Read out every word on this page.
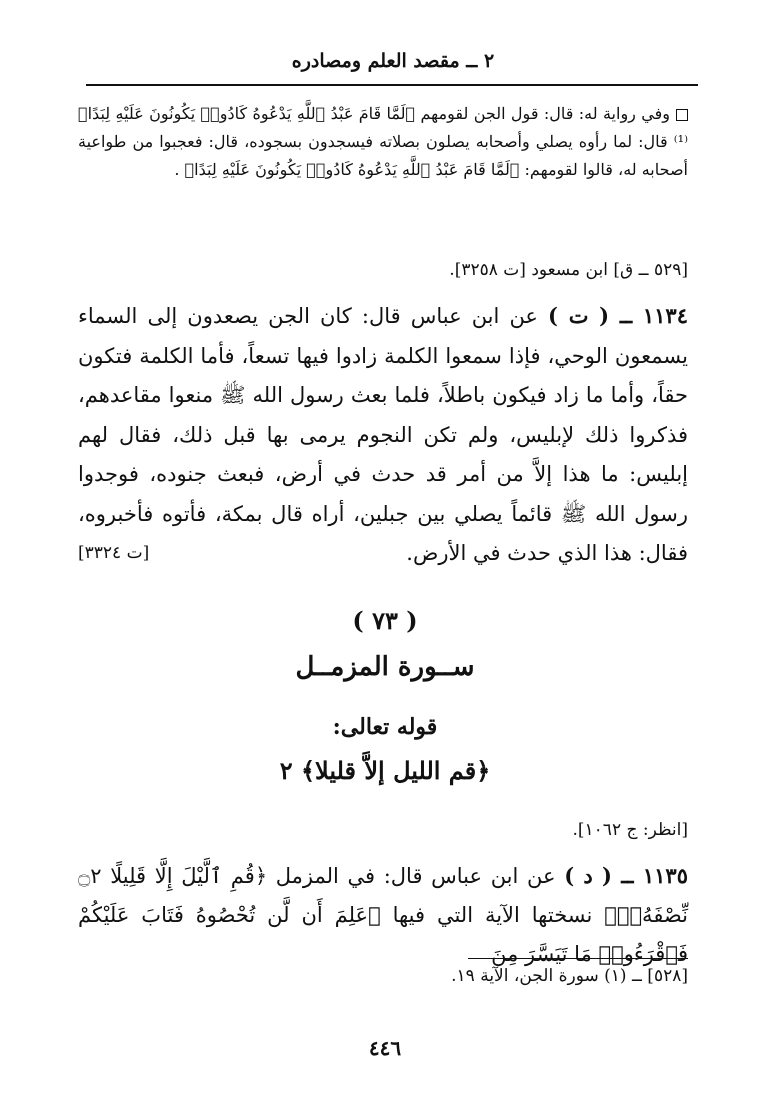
٢ ــ مقصد العلم ومصادره
وفي رواية له: قال: قول الجن لقومهم ﴿لَمَّا قَامَ عَبْدُ ٱللَّهِ يَدْعُوهُ كَادُوا۟ يَكُونُونَ عَلَيْهِ لِبَدًا﴾⁽¹⁾ قال: لما رأوه يصلي وأصحابه يصلون بصلاته فيسجدون بسجوده، قال: فعجبوا من طواعية أصحابه له، قالوا لقومهم: ﴿لَمَّا قَامَ عَبْدُ ٱللَّهِ يَدْعُوهُ كَادُوا۟ يَكُونُونَ عَلَيْهِ لِبَدًا﴾ .
[٥٢٩ ــ ق] ابن مسعود [ت ٣٢٥٨].
١١٣٤ ــ ( ت ) عن ابن عباس قال: كان الجن يصعدون إلى السماء يسمعون الوحي، فإذا سمعوا الكلمة زادوا فيها تسعاً، فأما الكلمة فتكون حقاً، وأما ما زاد فيكون باطلاً، فلما بعث رسول الله ﷺ منعوا مقاعدهم، فذكروا ذلك لإبليس، ولم تكن النجوم يرمى بها قبل ذلك، فقال لهم إبليس: ما هذا إلاَّ من أمر قد حدث في أرض، فبعث جنوده، فوجدوا رسول الله ﷺ قائماً يصلي بين جبلين، أراه قال بمكة، فأتوه فأخبروه، فقال: هذا الذي حدث في الأرض.
[ت ٣٣٢٤]
( ٧٣ )
ســورة المزمــل
قوله تعالى:
﴿قم الليل إلاَّ قليلا﴾ ٢
[انظر: ج ١٠٦٢].
١١٣٥ ــ ( د ) عن ابن عباس قال: في المزمل ﴿قُمِ ٱلَّيْلَ إِلَّا قَلِيلًا ۝٢ نِّصْفَهُۥٓ﴾ نسختها الآية التي فيها ﴿عَلِمَ أَن لَّن تُحْصُوهُ فَتَابَ عَلَيْكُمْ فَٱقْرَءُوا۟ مَا تَيَسَّرَ مِنَ
[٥٢٨] ــ (١) سورة الجن، الآية ١٩.
٤٤٦
